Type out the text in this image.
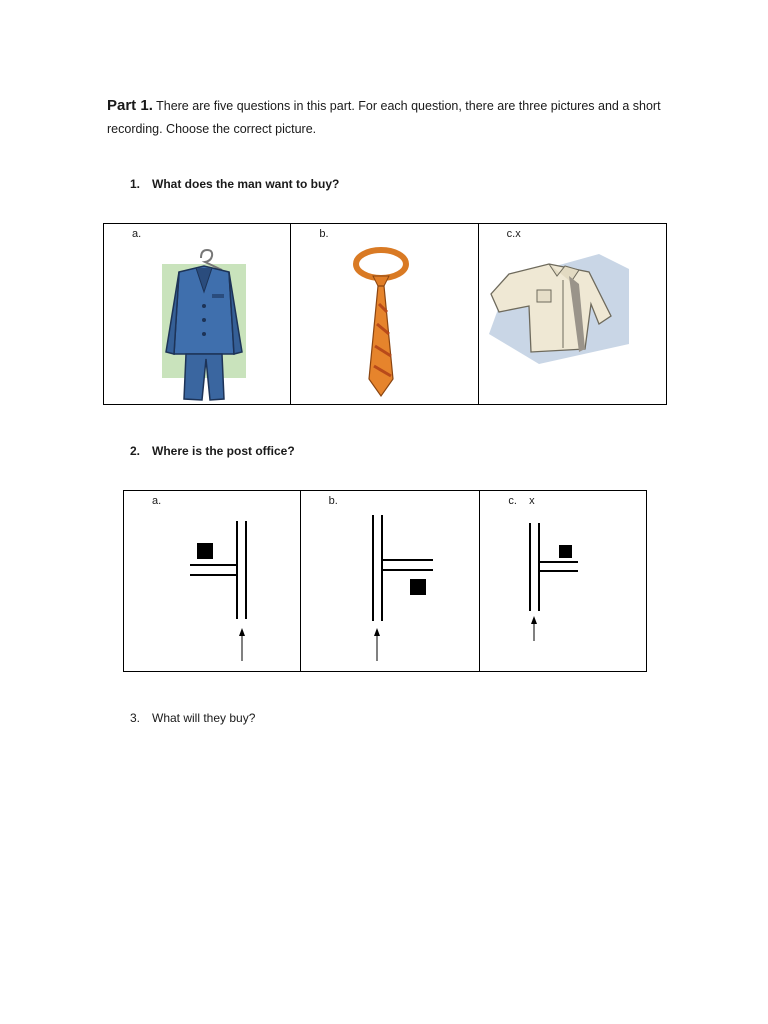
Part 1. There are five questions in this part. For each question, there are three pictures and a short recording. Choose the correct picture.
1. What does the man want to buy?
a.	b.	c.x
2. Where is the post office?
a.	b.	c.    x
3. What will they buy?
